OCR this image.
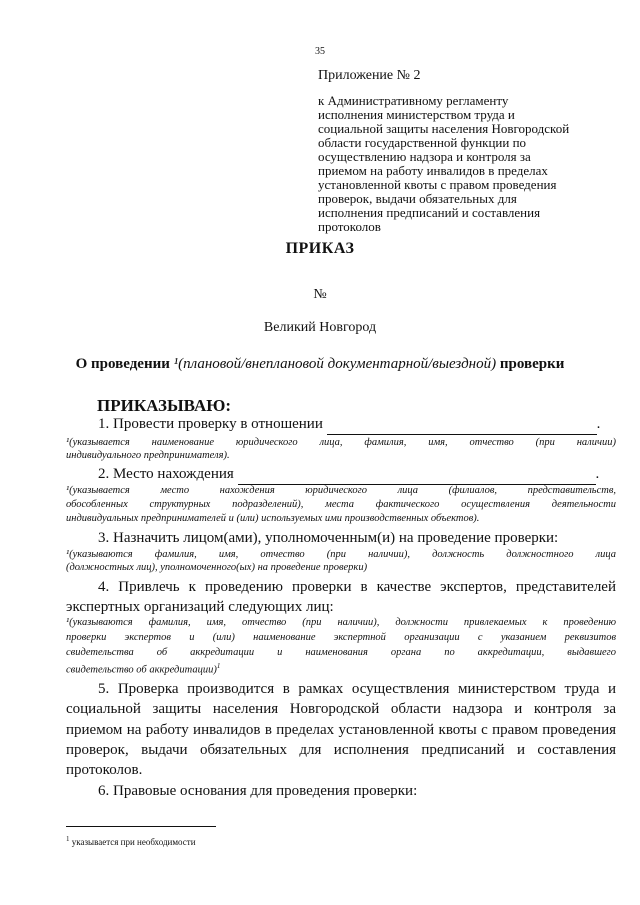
35
Приложение № 2
к Административному регламенту
исполнения министерством труда и
социальной защиты населения Новгородской
области государственной функции по
осуществлению надзора и контроля за
приемом на работу инвалидов в пределах
установленной квоты с правом проведения
проверок, выдачи обязательных для
исполнения предписаний и составления
протоколов
ПРИКАЗ
№
Великий Новгород
О проведении ¹(плановой/внеплановой документарной/выездной) проверки
ПРИКАЗЫВАЮ:
1. Провести проверку в отношении	.
¹(указывается наименование юридического лица, фамилия, имя, отчество (при наличии)
индивидуального предпринимателя).
2. Место нахождения	.
¹(указывается место нахождения юридического лица (филиалов, представительств,
обособленных структурных подразделений), места фактического осуществления деятельности
индивидуальных предпринимателей и (или) используемых ими производственных объектов).
3. Назначить лицом(ами), уполномоченным(и) на проведение проверки:
¹(указываются фамилия, имя, отчество (при наличии), должность должностного лица
(должностных лиц), уполномоченного(ых) на проведение проверки)
4. Привлечь к проведению проверки в качестве экспертов, представителей
экспертных организаций следующих лиц:
¹(указываются фамилия, имя, отчество (при наличии), должности привлекаемых к проведению
проверки экспертов и (или) наименование экспертной организации с указанием реквизитов
свидетельства об аккредитации и наименования органа по аккредитации, выдавшего
свидетельство об аккредитации)$^1$
5. Проверка производится в рамках осуществления министерством труда и
социальной защиты населения Новгородской области надзора и контроля за
приемом на работу инвалидов в пределах установленной квоты с правом проведения
проверок, выдачи обязательных для исполнения предписаний и составления
протоколов.
6. Правовые основания для проведения проверки:
$^1$ указывается при необходимости
